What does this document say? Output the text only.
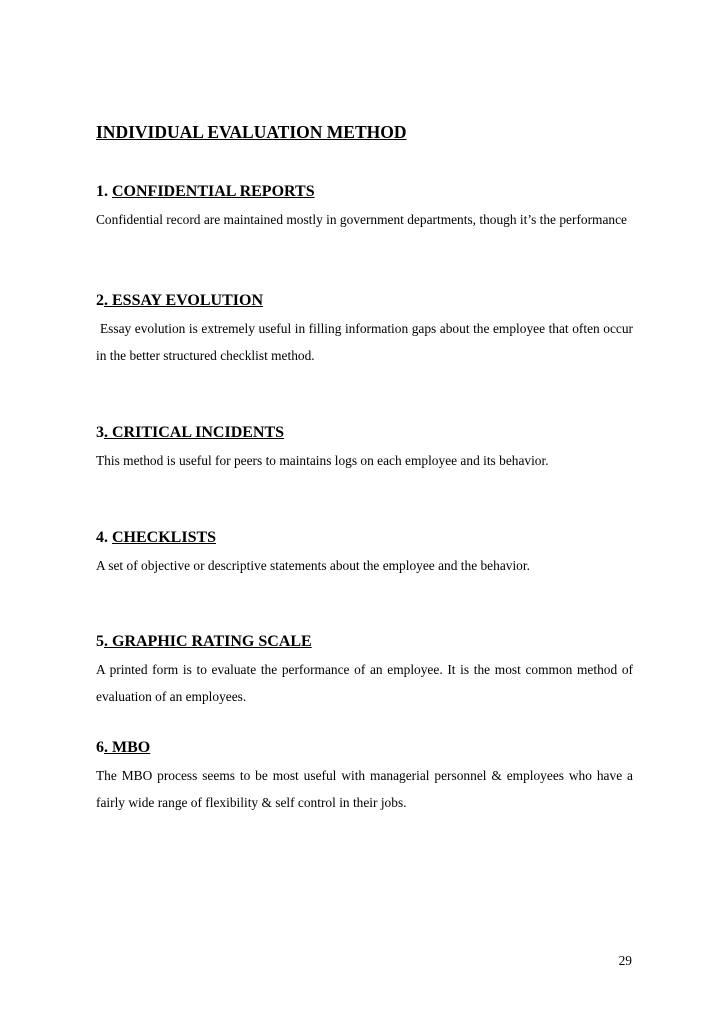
INDIVIDUAL EVALUATION METHOD
1. CONFIDENTIAL REPORTS
Confidential record are maintained mostly in government departments, though it’s the performance
2. ESSAY EVOLUTION
Essay evolution is extremely useful in filling information gaps about the employee that often occur in the better structured checklist method.
3. CRITICAL INCIDENTS
This method is useful for peers to maintains logs on each employee and its behavior.
4. CHECKLISTS
A set of objective or descriptive statements about the employee and the behavior.
5. GRAPHIC RATING SCALE
A printed form is to evaluate the performance of an employee. It is the most common method of evaluation of an employees.
6. MBO
The MBO process seems to be most useful with managerial personnel & employees who have a fairly wide range of flexibility & self control in their jobs.
29
